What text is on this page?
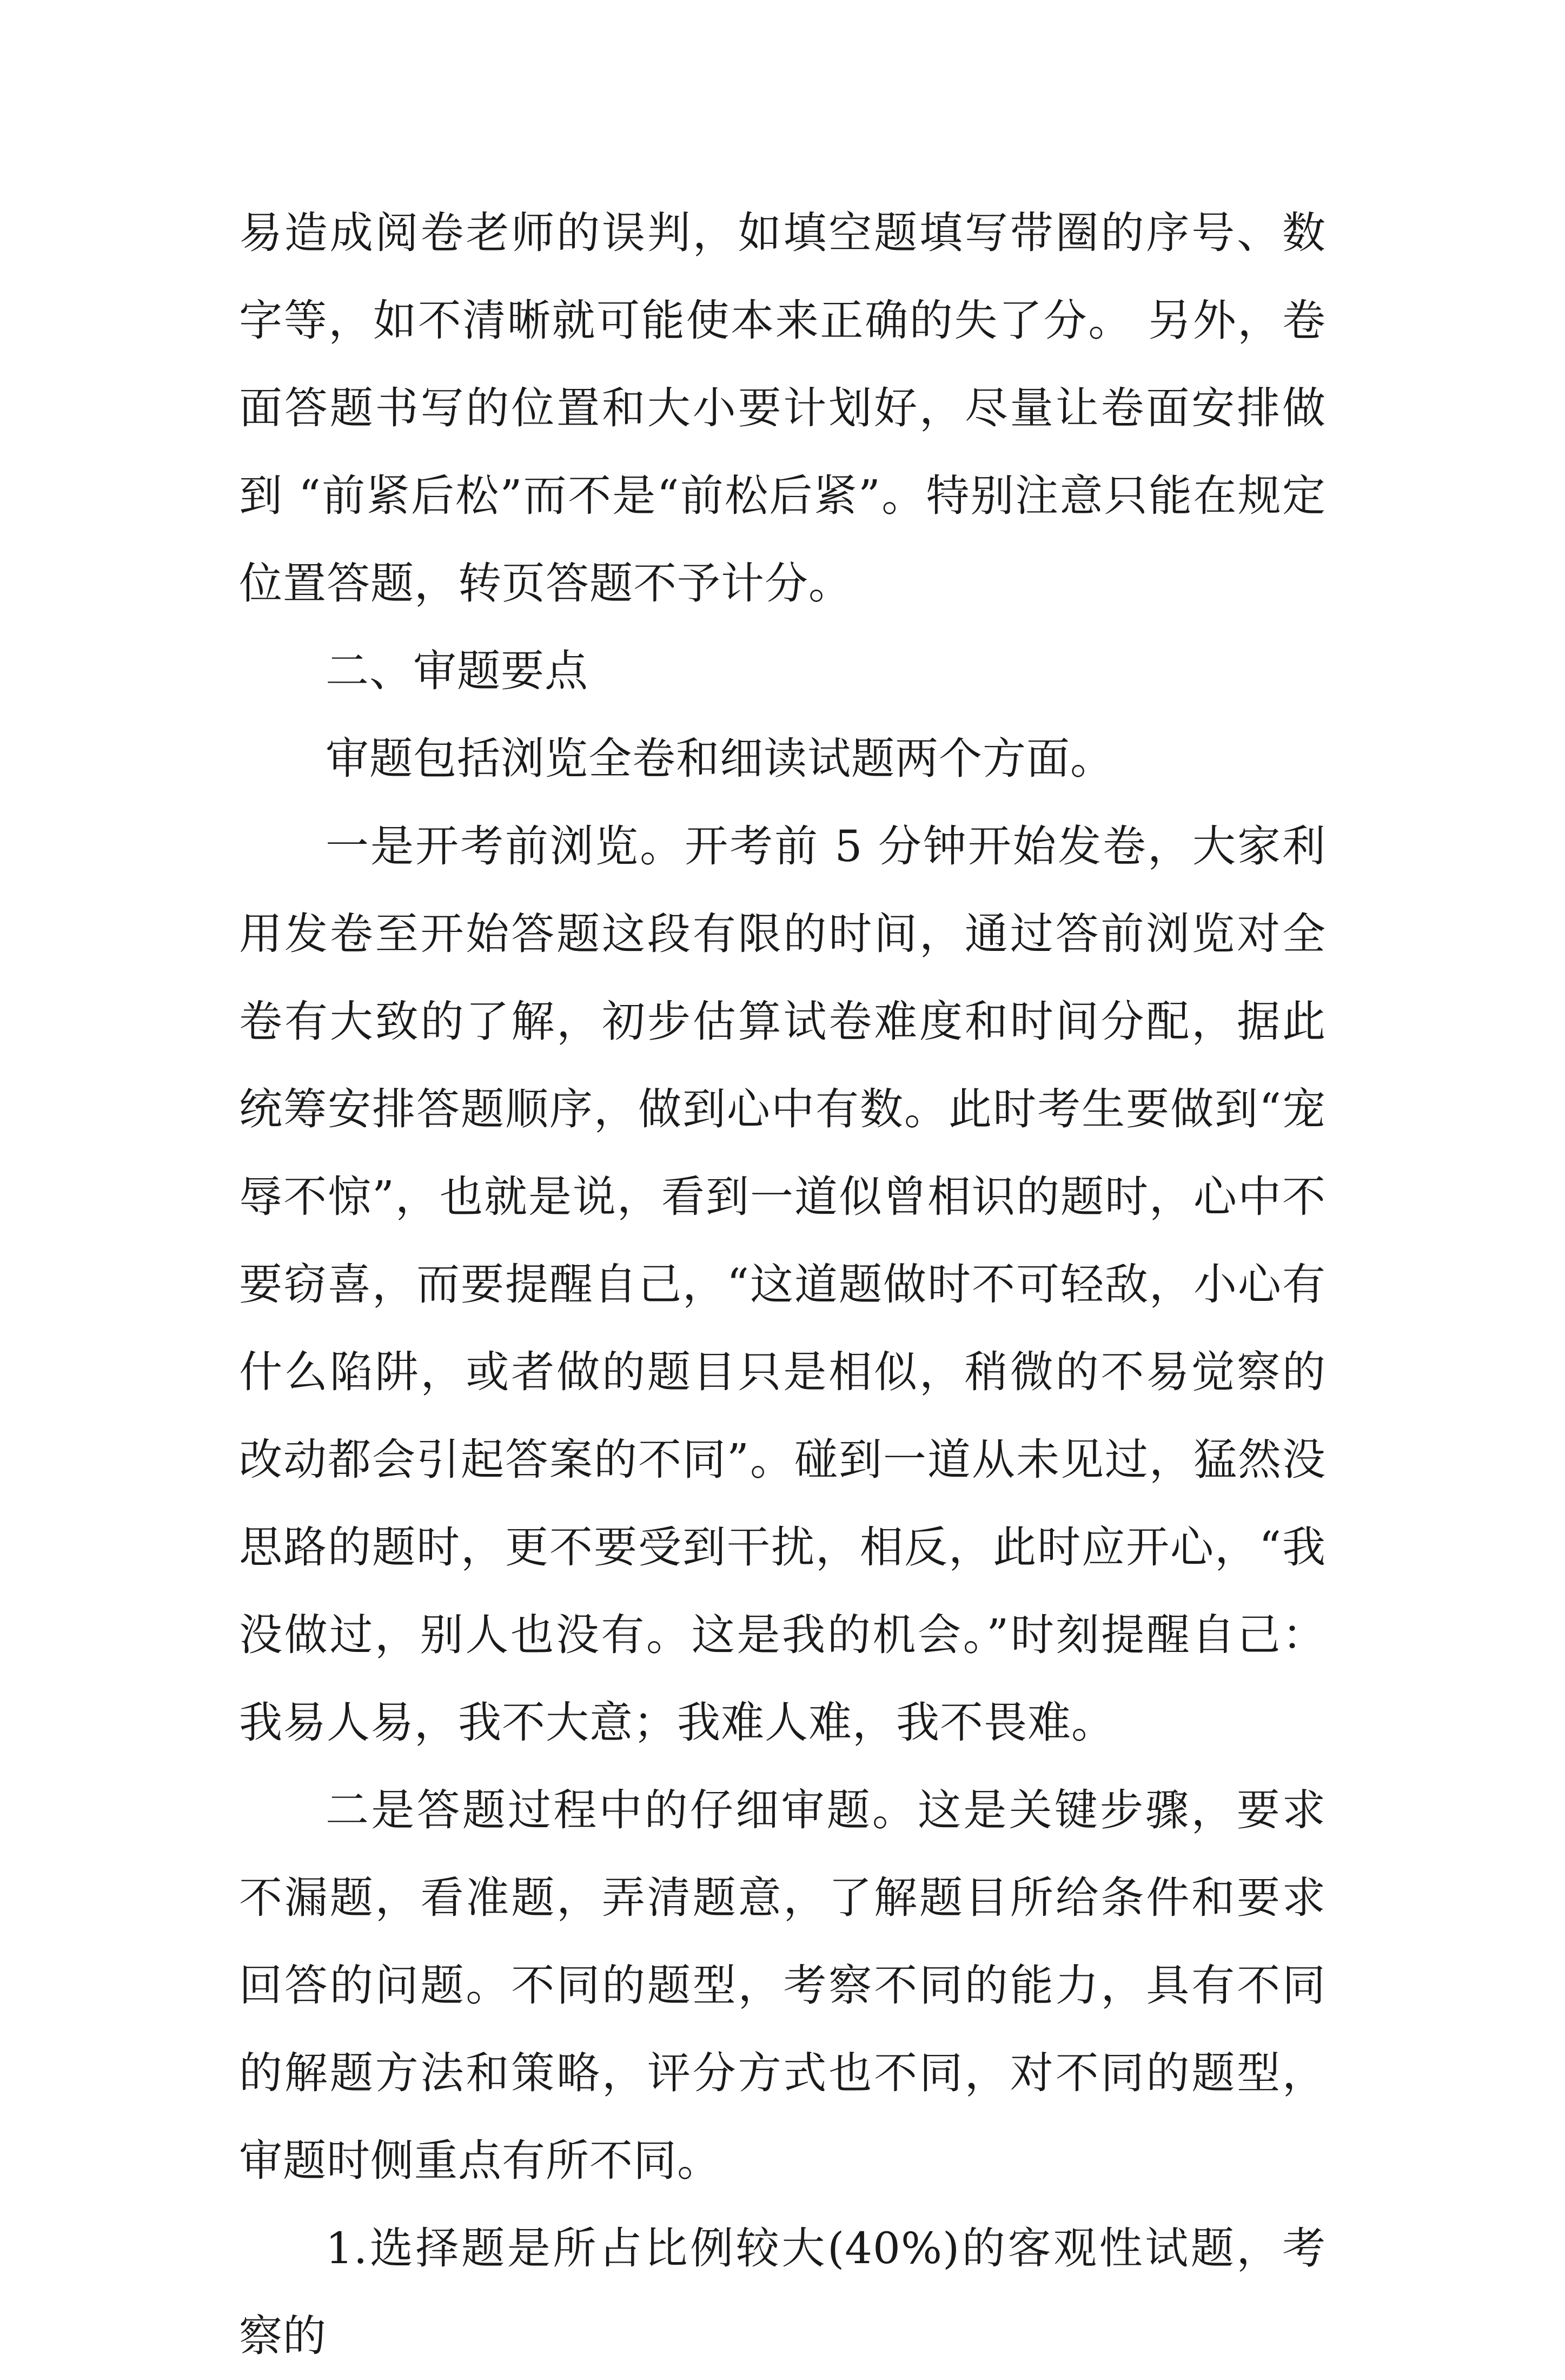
易造成阅卷老师的误判，如填空题填写带圈的序号、数字等，如不清晰就可能使本来正确的失了分。 另外，卷面答题书写的位置和大小要计划好，尽量让卷面安排做到 “前紧后松”而不是“前松后紧”。特别注意只能在规定位置答题，转页答题不予计分。

二、审题要点

审题包括浏览全卷和细读试题两个方面。

一是开考前浏览。开考前 5 分钟开始发卷，大家利用发卷至开始答题这段有限的时间，通过答前浏览对全卷有大致的了解，初步估算试卷难度和时间分配，据此统筹安排答题顺序，做到心中有数。此时考生要做到“宠辱不惊”，也就是说，看到一道似曾相识的题时，心中不要窃喜，而要提醒自己，“这道题做时不可轻敌，小心有什么陷阱，或者做的题目只是相似，稍微的不易觉察的改动都会引起答案的不同”。碰到一道从未见过，猛然没思路的题时，更不要受到干扰，相反，此时应开心，“我没做过，别人也没有。这是我的机会。”时刻提醒自己：我易人易，我不大意；我难人难，我不畏难。

二是答题过程中的仔细审题。这是关键步骤，要求不漏题，看准题，弄清题意，了解题目所给条件和要求回答的问题。不同的题型，考察不同的能力，具有不同的解题方法和策略，评分方式也不同，对不同的题型，审题时侧重点有所不同。

1.选择题是所占比例较大(40%)的客观性试题，考察的
